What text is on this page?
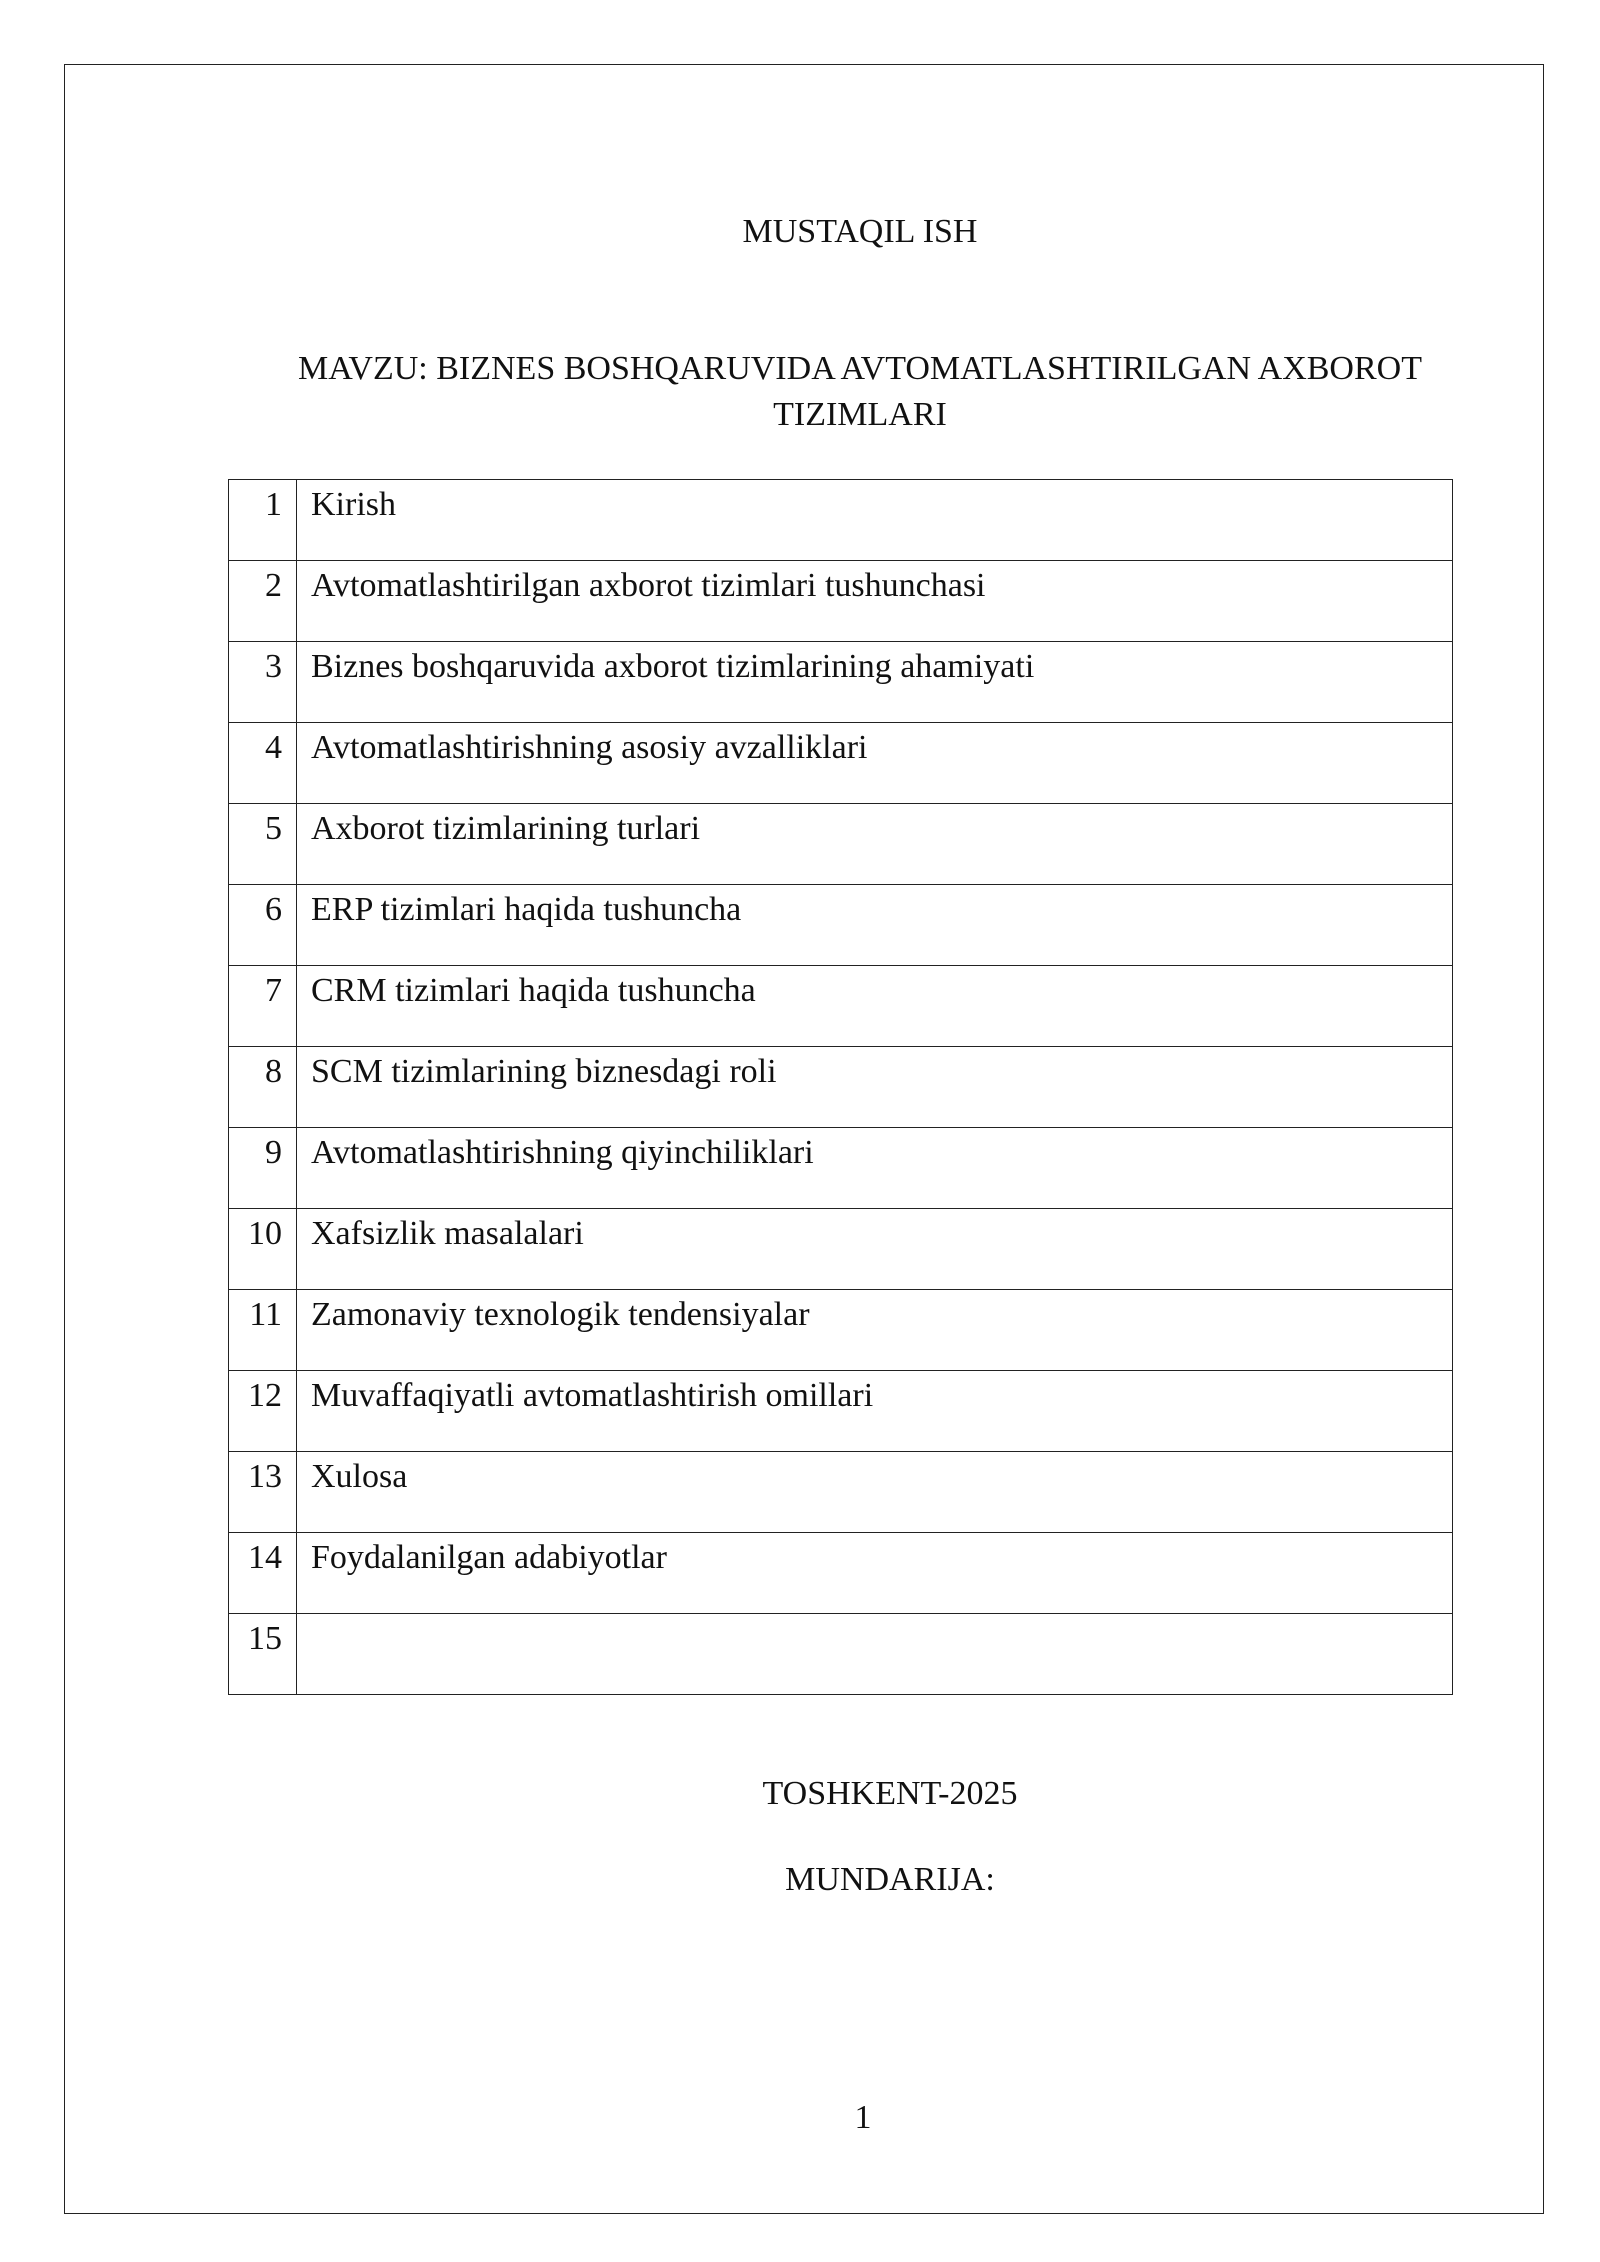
MUSTAQIL ISH
MAVZU: BIZNES BOSHQARUVIDA AVTOMATLASHTIRILGAN AXBOROT TIZIMLARI
1	Kirish
2	Avtomatlashtirilgan axborot tizimlari tushunchasi
3	Biznes boshqaruvida axborot tizimlarining ahamiyati
4	Avtomatlashtirishning asosiy avzalliklari
5	Axborot tizimlarining turlari
6	ERP tizimlari haqida tushuncha
7	CRM tizimlari haqida tushuncha
8	SCM tizimlarining biznesdagi roli
9	Avtomatlashtirishning qiyinchiliklari
10	Xafsizlik masalalari
11	Zamonaviy texnologik tendensiyalar
12	Muvaffaqiyatli avtomatlashtirish omillari
13	Xulosa
14	Foydalanilgan adabiyotlar
15	
TOSHKENT-2025
MUNDARIJA:
1
